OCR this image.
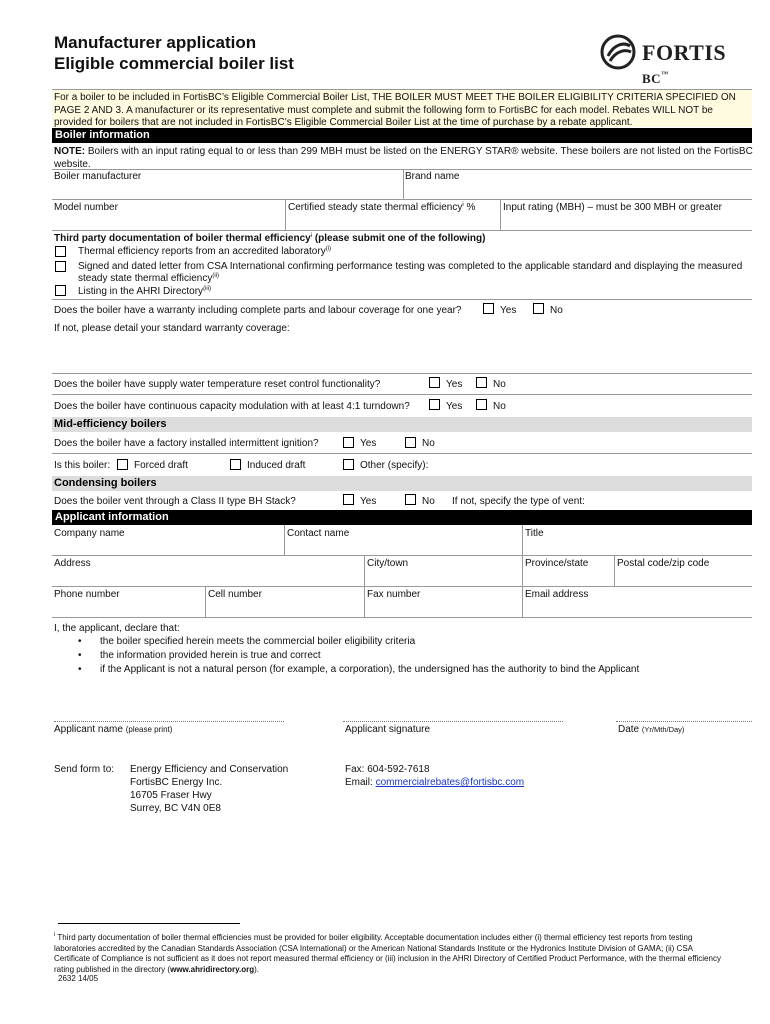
Manufacturer application
Eligible commercial boiler list	FORTIS BC™
For a boiler to be included in FortisBC’s Eligible Commercial Boiler List, THE BOILER MUST MEET THE BOILER ELIGIBILITY CRITERIA SPECIFIED ON PAGE 2 AND 3. A manufacturer or its representative must complete and submit the following form to FortisBC for each model. Rebates WILL NOT be provided for boilers that are not included in FortisBC’s Eligible Commercial Boiler List at the time of purchase by a rebate applicant.
Boiler information
NOTE: Boilers with an input rating equal to or less than 299 MBH must be listed on the ENERGY STAR® website. These boilers are not listed on the FortisBC website.
Boiler manufacturer	Brand name
Model number	Certified steady state thermal efficiency$^i$ %	Input rating (MBH) – must be 300 MBH or greater
Third party documentation of boiler thermal efficiency$^i$ (please submit one of the following)
Thermal efficiency reports from an accredited laboratory$^{(i)}$
Signed and dated letter from CSA International confirming performance testing was completed to the applicable standard and displaying the measured
steady state thermal efficiency$^{(ii)}$
Listing in the AHRI Directory$^{(iii)}$
Does the boiler have a warranty including complete parts and labour coverage for one year?	Yes	No
If not, please detail your standard warranty coverage:
Does the boiler have supply water temperature reset control functionality?	Yes	No
Does the boiler have continuous capacity modulation with at least 4:1 turndown?	Yes	No
Mid-efficiency boilers
Does the boiler have a factory installed intermittent ignition?	Yes	No
Is this boiler: Forced draft	Induced draft	Other (specify):
Condensing boilers
Does the boiler vent through a Class II type BH Stack?	Yes	No If not, specify the type of vent:
Applicant information
Company name	Contact name	Title
Address	City/town	Province/state	Postal code/zip code
Phone number	Cell number	Fax number	Email address
I, the applicant, declare that:
• the boiler specified herein meets the commercial boiler eligibility criteria
• the information provided herein is true and correct
• if the Applicant is not a natural person (for example, a corporation), the undersigned has the authority to bind the Applicant
Applicant name (please print)	Applicant signature	Date (Yr/Mth/Day)
Send form to: Energy Efficiency and Conservation
FortisBC Energy Inc.
16705 Fraser Hwy
Surrey, BC V4N 0E8
Fax: 604-592-7618
Email: commercialrebates@fortisbc.com
$^i$ Third party documentation of boiler thermal efficiencies must be provided for boiler eligibility. Acceptable documentation includes either (i) thermal efficiency test reports from testing laboratories accredited by the Canadian Standards Association (CSA International) or the American National Standards Institute or the Hydronics Institute Division of GAMA; (ii) CSA Certificate of Compliance is not sufficient as it does not report measured thermal efficiency or (iii) inclusion in the AHRI Directory of Certified Product Performance, with the thermal efficiency rating published in the directory (www.ahridirectory.org).
2632 14/05
